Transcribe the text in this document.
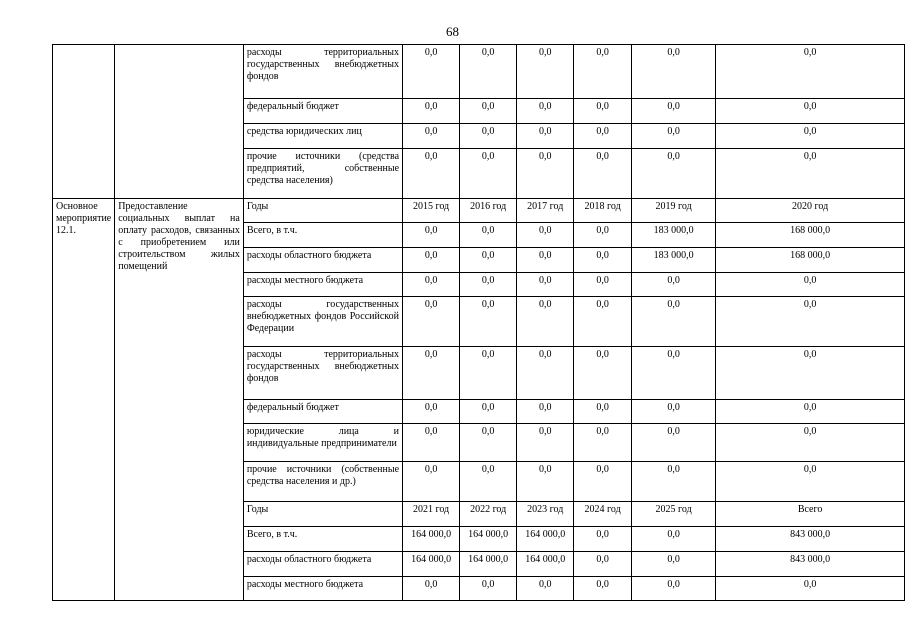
68
		расходы территориальных государственных внебюджетных фондов	0,0	0,0	0,0	0,0	0,0	0,0
		федеральный бюджет	0,0	0,0	0,0	0,0	0,0	0,0
		средства юридических лиц	0,0	0,0	0,0	0,0	0,0	0,0
		прочие источники (средства предприятий, собственные средства населения)	0,0	0,0	0,0	0,0	0,0	0,0
Основное мероприятие 12.1.	Предоставление социальных выплат на оплату расходов, связанных с приобретением или строительством жилых помещений	Годы	2015 год	2016 год	2017 год	2018 год	2019 год	2020 год
		Всего, в т.ч.	0,0	0,0	0,0	0,0	183 000,0	168 000,0
		расходы областного бюджета	0,0	0,0	0,0	0,0	183 000,0	168 000,0
		расходы местного бюджета	0,0	0,0	0,0	0,0	0,0	0,0
		расходы государственных внебюджетных фондов Российской Федерации	0,0	0,0	0,0	0,0	0,0	0,0
		расходы территориальных государственных внебюджетных фондов	0,0	0,0	0,0	0,0	0,0	0,0
		федеральный бюджет	0,0	0,0	0,0	0,0	0,0	0,0
		юридические лица и индивидуальные предприниматели	0,0	0,0	0,0	0,0	0,0	0,0
		прочие источники (собственные средства населения и др.)	0,0	0,0	0,0	0,0	0,0	0,0
		Годы	2021 год	2022 год	2023 год	2024 год	2025 год	Всего
		Всего, в т.ч.	164 000,0	164 000,0	164 000,0	0,0	0,0	843 000,0
		расходы областного бюджета	164 000,0	164 000,0	164 000,0	0,0	0,0	843 000,0
		расходы местного бюджета	0,0	0,0	0,0	0,0	0,0	0,0
